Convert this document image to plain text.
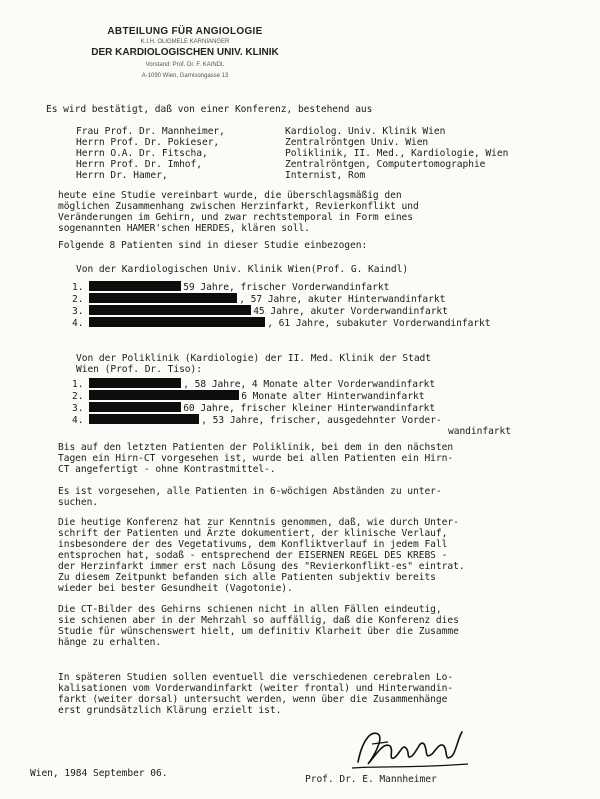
ABTEILUNG FÜR ANGIOLOGIE
K.I.H. OLIGMELE KARNIANGER
DER KARDIOLOGISCHEN UNIV. KLINIK
Vorstand: Prof. Dr. F. KAINDL
A-1090 Wien, Garnisongasse 13
Es wird bestätigt, daß von einer Konferenz, bestehend aus
Frau Prof. Dr. Mannheimer,	Kardiolog. Univ. Klinik Wien
Herrn Prof. Dr. Pokieser,	Zentralröntgen Univ. Wien
Herrn O.A. Dr. Fitscha,	Poliklinik, II. Med., Kardiologie, Wien
Herrn Prof. Dr. Imhof,	Zentralröntgen, Computertomographie
Herrn Dr. Hamer,	Internist, Rom
heute eine Studie vereinbart wurde, die überschlagsmäßig den
möglichen Zusammenhang zwischen Herzinfarkt, Revierkonflikt und
Veränderungen im Gehirn, und zwar rechtstemporal in Form eines
sogenannten HAMER'schen HERDES, klären soll.
Folgende 8 Patienten sind in dieser Studie einbezogen:
Von der Kardiologischen Univ. Klinik Wien(Prof. G. Kaindl)
1.	59 Jahre, frischer Vorderwandinfarkt
2.	, 57 Jahre, akuter Hinterwandinfarkt
3.	45 Jahre, akuter Vorderwandinfarkt
4.	, 61 Jahre, subakuter Vorderwandinfarkt
Von der Poliklinik (Kardiologie) der II. Med. Klinik der Stadt
Wien (Prof. Dr. Tiso):
1.	, 58 Jahre, 4 Monate alter Vorderwandinfarkt
2.	6 Monate alter Hinterwandinfarkt
3.	60 Jahre, frischer kleiner Hinterwandinfarkt
4.	, 53 Jahre, frischer, ausgedehnter Vorder-
wandinfarkt
Bis auf den letzten Patienten der Poliklinik, bei dem in den nächsten
Tagen ein Hirn-CT vorgesehen ist, wurde bei allen Patienten ein Hirn-
CT angefertigt - ohne Kontrastmittel-.
Es ist vorgesehen, alle Patienten in 6-wöchigen Abständen zu unter-
suchen.
Die heutige Konferenz hat zur Kenntnis genommen, daß, wie durch Unter-
schrift der Patienten und Ärzte dokumentiert, der klinische Verlauf,
insbesondere der des Vegetativums, dem Konfliktverlauf in jedem Fall
entsprochen hat, sodaß - entsprechend der EISERNEN REGEL DES KREBS -
der Herzinfarkt immer erst nach Lösung des "Revierkonflikt-es" eintrat.
Zu diesem Zeitpunkt befanden sich alle Patienten subjektiv bereits
wieder bei bester Gesundheit (Vagotonie).
Die CT-Bilder des Gehirns schienen nicht in allen Fällen eindeutig,
sie schienen aber in der Mehrzahl so auffällig, daß die Konferenz dies
Studie für wünschenswert hielt, um definitiv Klarheit über die Zusamme
hänge zu erhalten.
In späteren Studien sollen eventuell die verschiedenen cerebralen Lo-
kalisationen vom Vorderwandinfarkt (weiter frontal) und Hinterwandin-
farkt (weiter dorsal) untersucht werden, wenn über die Zusammenhänge
erst grundsätzlich Klärung erzielt ist.
Wien, 1984 September 06.
Prof. Dr. E. Mannheimer
